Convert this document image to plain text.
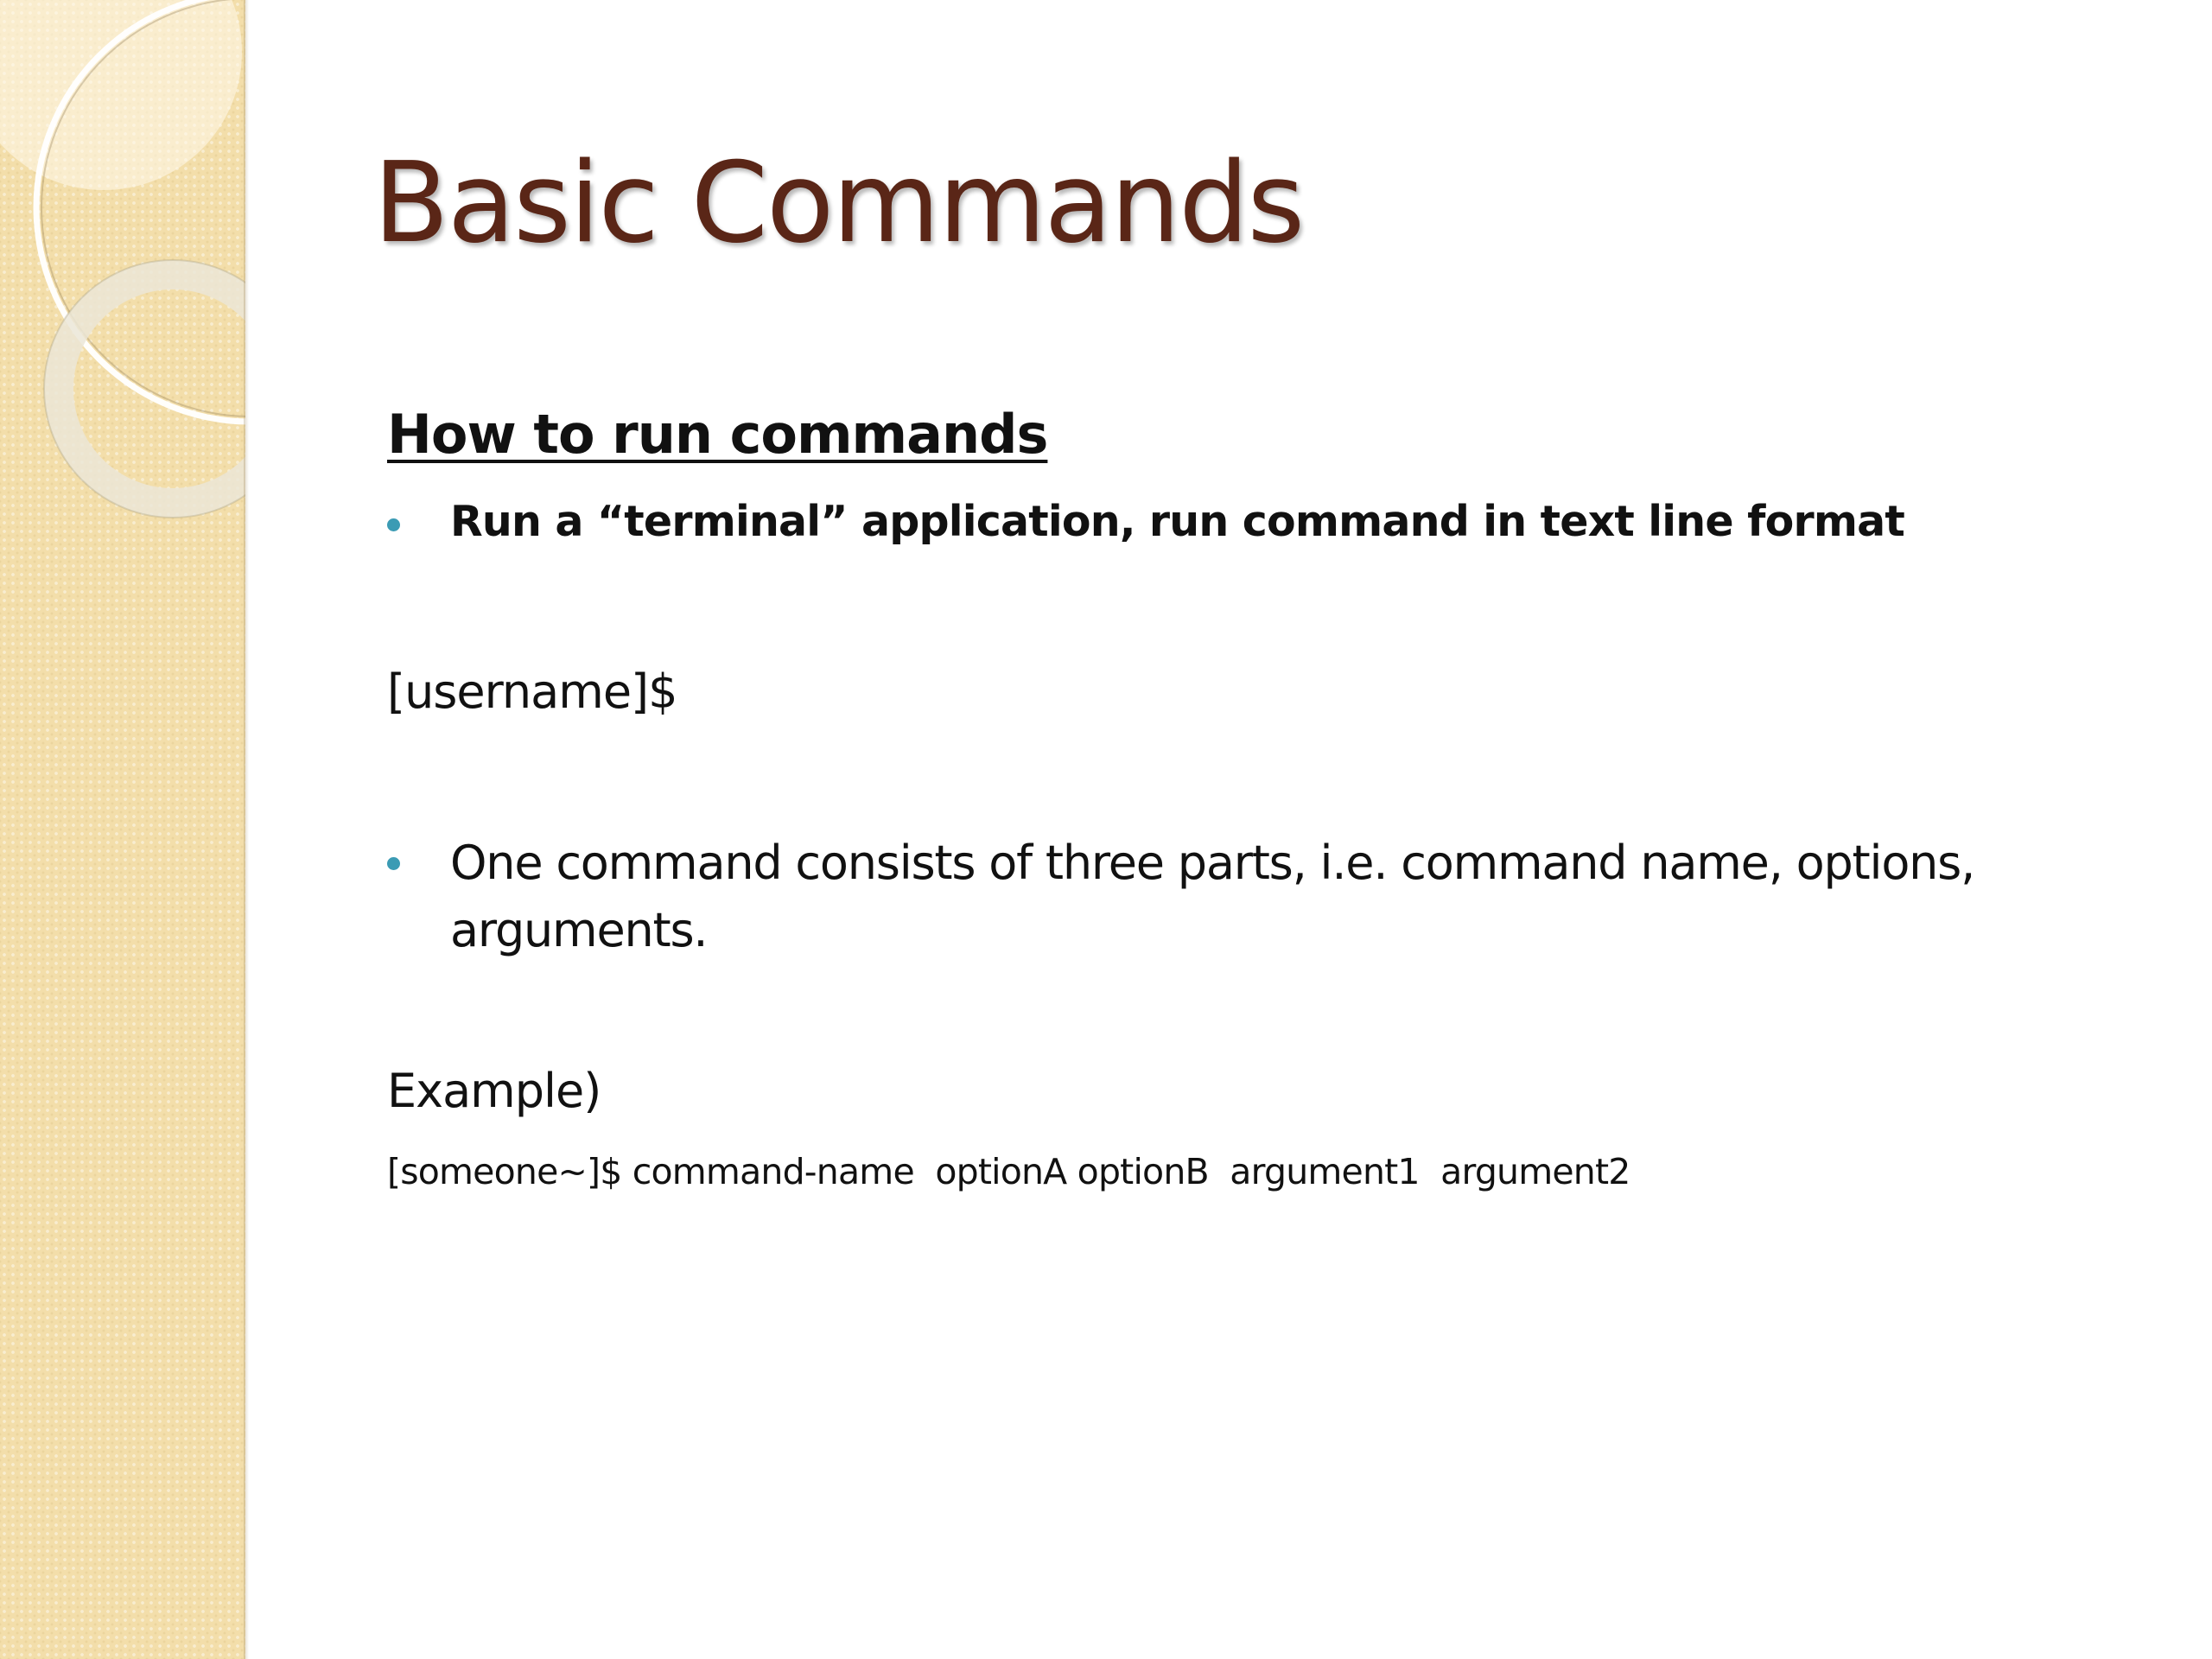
Basic Commands
How to run commands
Run a “terminal” application, run command in text line format
[username]$
One command consists of three parts, i.e. command name, options, arguments.
Example)
[someone~]$ command-name  optionA optionB  argument1  argument2
